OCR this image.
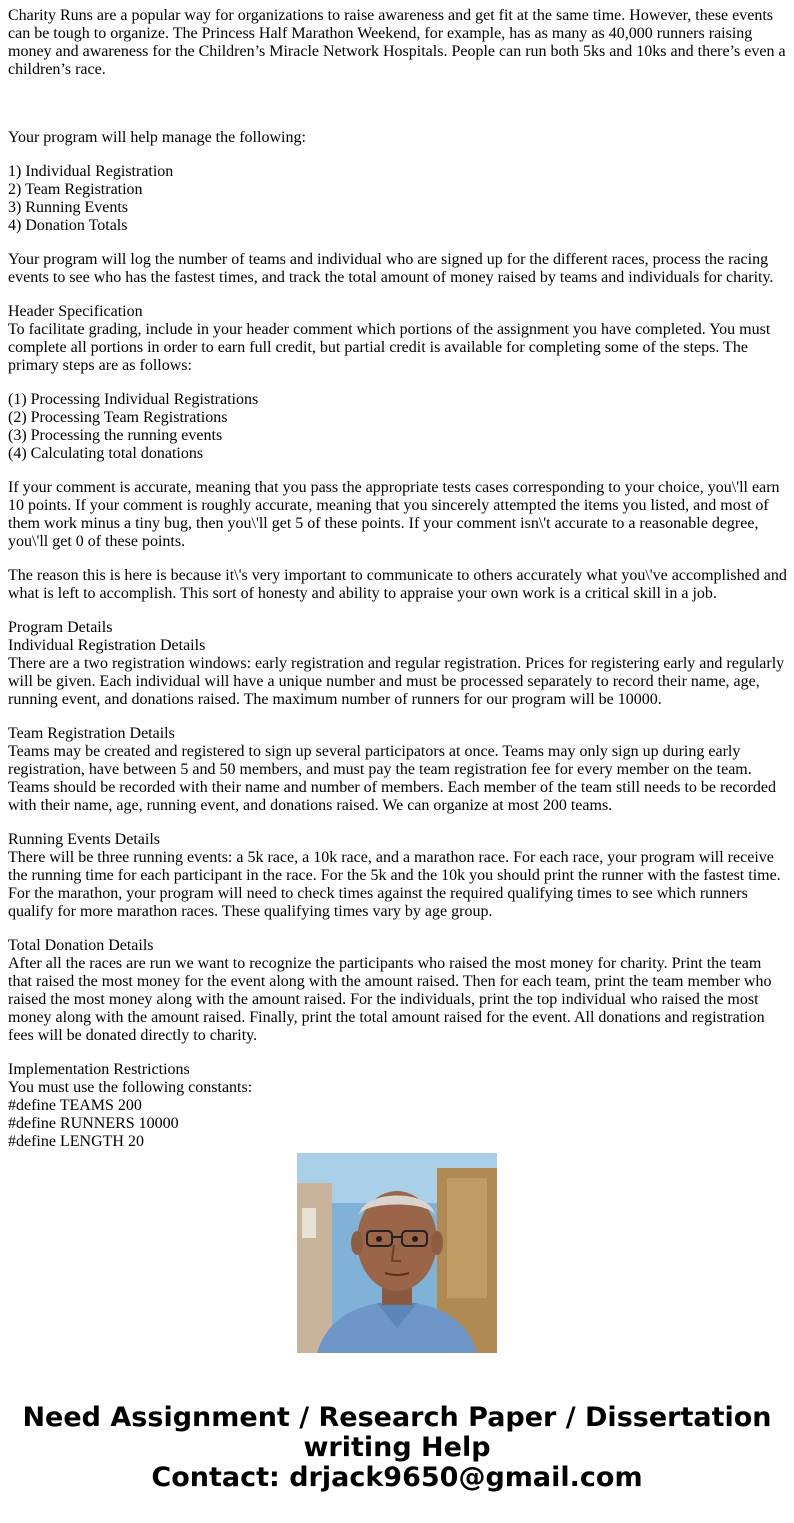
Charity Runs are a popular way for organizations to raise awareness and get fit at the same time. However, these events can be tough to organize. The Princess Half Marathon Weekend, for example, has as many as 40,000 runners raising money and awareness for the Children’s Miracle Network Hospitals. People can run both 5ks and 10ks and there’s even a children’s race.

Your program will help manage the following:

1) Individual Registration
2) Team Registration
3) Running Events
4) Donation Totals

Your program will log the number of teams and individual who are signed up for the different races, process the racing events to see who has the fastest times, and track the total amount of money raised by teams and individuals for charity.

Header Specification
To facilitate grading, include in your header comment which portions of the assignment you have completed. You must complete all portions in order to earn full credit, but partial credit is available for completing some of the steps. The primary steps are as follows:

(1) Processing Individual Registrations
(2) Processing Team Registrations
(3) Processing the running events
(4) Calculating total donations

If your comment is accurate, meaning that you pass the appropriate tests cases corresponding to your choice, you\'ll earn 10 points. If your comment is roughly accurate, meaning that you sincerely attempted the items you listed, and most of them work minus a tiny bug, then you\'ll get 5 of these points. If your comment isn\'t accurate to a reasonable degree, you\'ll get 0 of these points.

The reason this is here is because it\'s very important to communicate to others accurately what you\'ve accomplished and what is left to accomplish. This sort of honesty and ability to appraise your own work is a critical skill in a job.

Program Details
Individual Registration Details
There are a two registration windows: early registration and regular registration. Prices for registering early and regularly will be given. Each individual will have a unique number and must be processed separately to record their name, age, running event, and donations raised. The maximum number of runners for our program will be 10000.

Team Registration Details
Teams may be created and registered to sign up several participators at once. Teams may only sign up during early registration, have between 5 and 50 members, and must pay the team registration fee for every member on the team. Teams should be recorded with their name and number of members. Each member of the team still needs to be recorded with their name, age, running event, and donations raised. We can organize at most 200 teams.

Running Events Details
There will be three running events: a 5k race, a 10k race, and a marathon race. For each race, your program will receive the running time for each participant in the race. For the 5k and the 10k you should print the runner with the fastest time. For the marathon, your program will need to check times against the required qualifying times to see which runners qualify for more marathon races. These qualifying times vary by age group.

Total Donation Details
After all the races are run we want to recognize the participants who raised the most money for charity. Print the team that raised the most money for the event along with the amount raised. Then for each team, print the team member who raised the most money along with the amount raised. For the individuals, print the top individual who raised the most money along with the amount raised. Finally, print the total amount raised for the event. All donations and registration fees will be donated directly to charity.

Implementation Restrictions
You must use the following constants:
#define TEAMS 200
#define RUNNERS 10000
#define LENGTH 20

Need Assignment / Research Paper / Dissertation
writing Help
Contact: drjack9650@gmail.com
